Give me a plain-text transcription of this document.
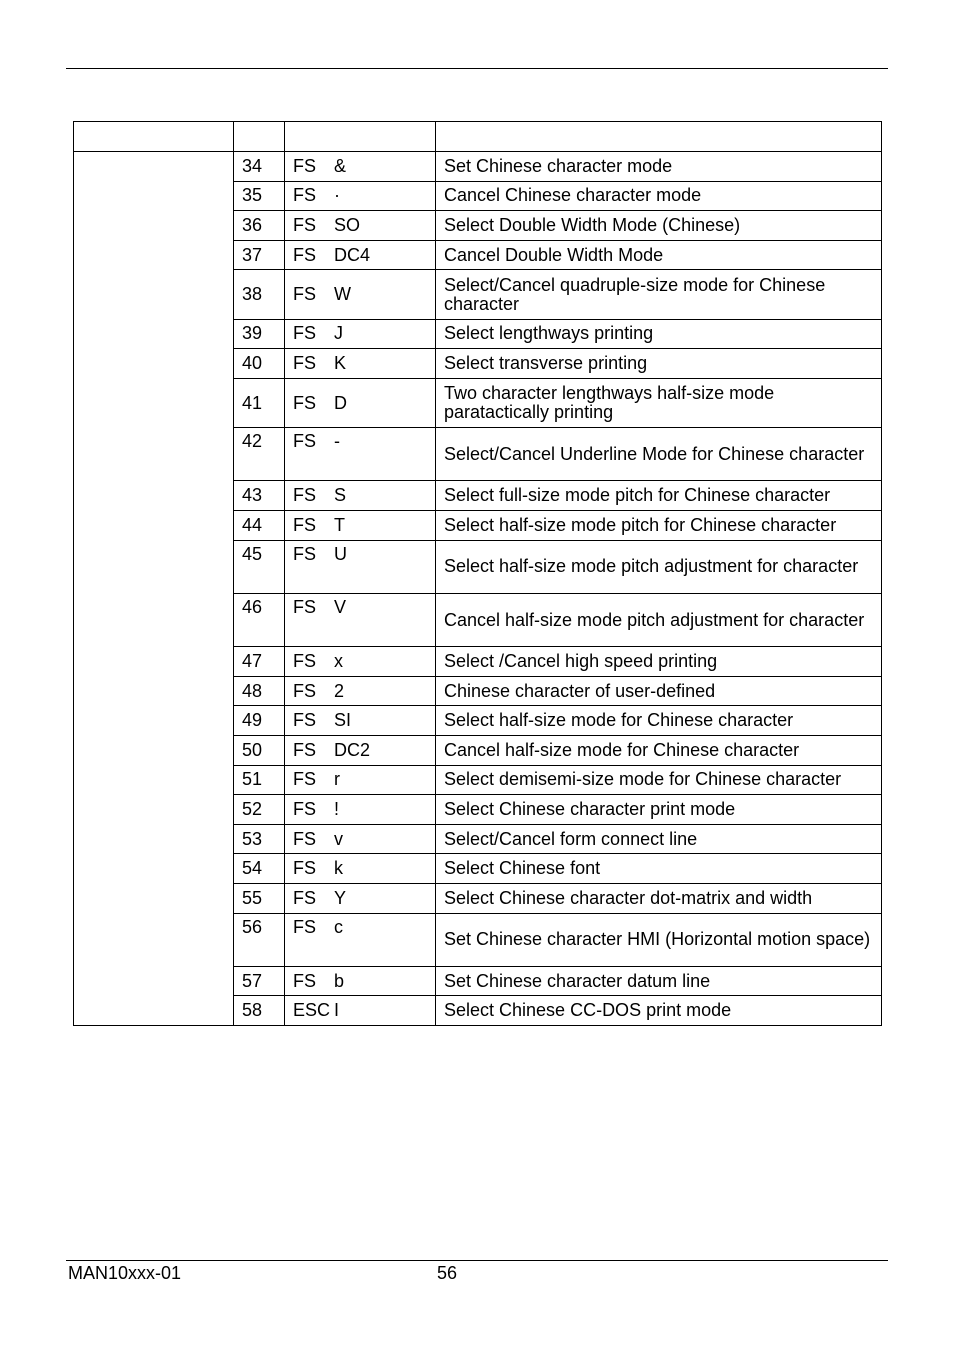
	34	FS &	Set Chinese character mode
	35	FS ·	Cancel Chinese character mode
	36	FS SO	Select Double Width Mode (Chinese)
	37	FS DC4	Cancel Double Width Mode
	38	FS W	Select/Cancel quadruple-size mode for Chinese character
	39	FS J	Select lengthways printing
	40	FS K	Select transverse printing
	41	FS D	Two character lengthways half-size mode paratactically printing
	42	FS -	Select/Cancel Underline Mode for Chinese character
	43	FS S	Select full-size mode pitch for Chinese character
	44	FS T	Select half-size mode pitch for Chinese character
	45	FS U	Select half-size mode pitch adjustment for character
	46	FS V	Cancel half-size mode pitch adjustment for character
	47	FS x	Select /Cancel high speed printing
	48	FS 2	Chinese character of user-defined
	49	FS SI	Select half-size mode for Chinese character
	50	FS DC2	Cancel half-size mode for Chinese character
	51	FS r	Select demisemi-size mode for Chinese character
	52	FS !	Select Chinese character print mode
	53	FS v	Select/Cancel form connect line
	54	FS k	Select Chinese font
	55	FS Y	Select Chinese character dot-matrix and width
	56	FS c	Set Chinese character HMI (Horizontal motion space)
	57	FS b	Set Chinese character datum line
	58	ESC I	Select Chinese CC-DOS print mode
MAN10xxx-01	56
